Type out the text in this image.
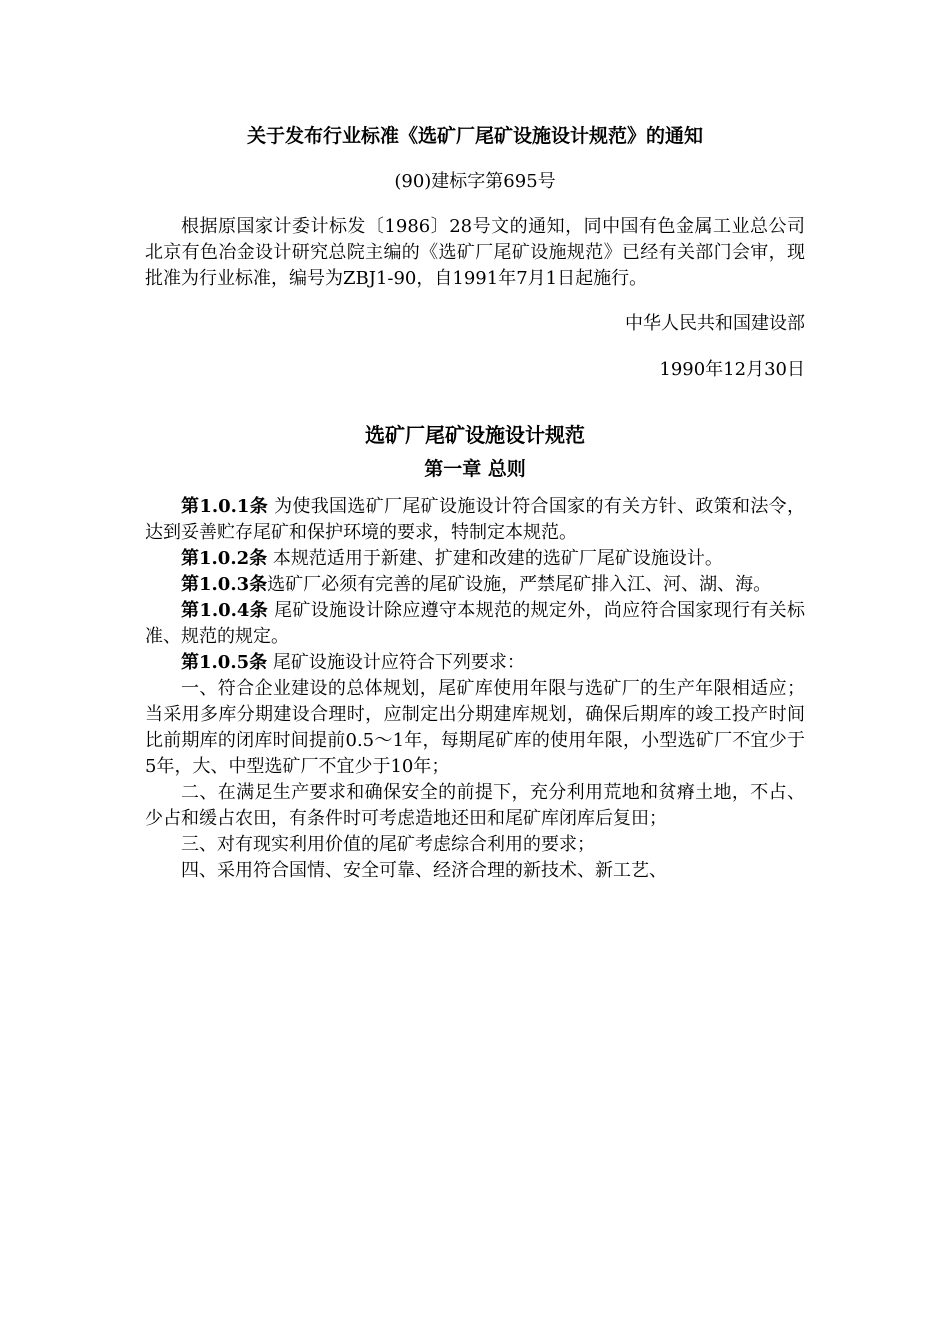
关于发布行业标准《选矿厂尾矿设施设计规范》的通知
(90)建标字第695号

根据原国家计委计标发〔1986〕28号文的通知，同中国有色金属工业总公司北京有色冶金设计研究总院主编的《选矿厂尾矿设施规范》已经有关部门会审，现批准为行业标准，编号为ZBJ1-90，自1991年7月1日起施行。

中华人民共和国建设部
1990年12月30日
选矿厂尾矿设施设计规范
第一章 总则

第1.0.1条 为使我国选矿厂尾矿设施设计符合国家的有关方针、政策和法令，达到妥善贮存尾矿和保护环境的要求，特制定本规范。

第1.0.2条 本规范适用于新建、扩建和改建的选矿厂尾矿设施设计。

第1.0.3条选矿厂必须有完善的尾矿设施，严禁尾矿排入江、河、湖、海。

第1.0.4条 尾矿设施设计除应遵守本规范的规定外，尚应符合国家现行有关标准、规范的规定。

第1.0.5条 尾矿设施设计应符合下列要求：

一、符合企业建设的总体规划，尾矿库使用年限与选矿厂的生产年限相适应；当采用多库分期建设合理时，应制定出分期建库规划，确保后期库的竣工投产时间比前期库的闭库时间提前0.5～1年，每期尾矿库的使用年限，小型选矿厂不宜少于5年，大、中型选矿厂不宜少于10年；

二、在满足生产要求和确保安全的前提下，充分利用荒地和贫瘠土地，不占、少占和缓占农田，有条件时可考虑造地还田和尾矿库闭库后复田；

三、对有现实利用价值的尾矿考虑综合利用的要求；

四、采用符合国情、安全可靠、经济合理的新技术、新工艺、
